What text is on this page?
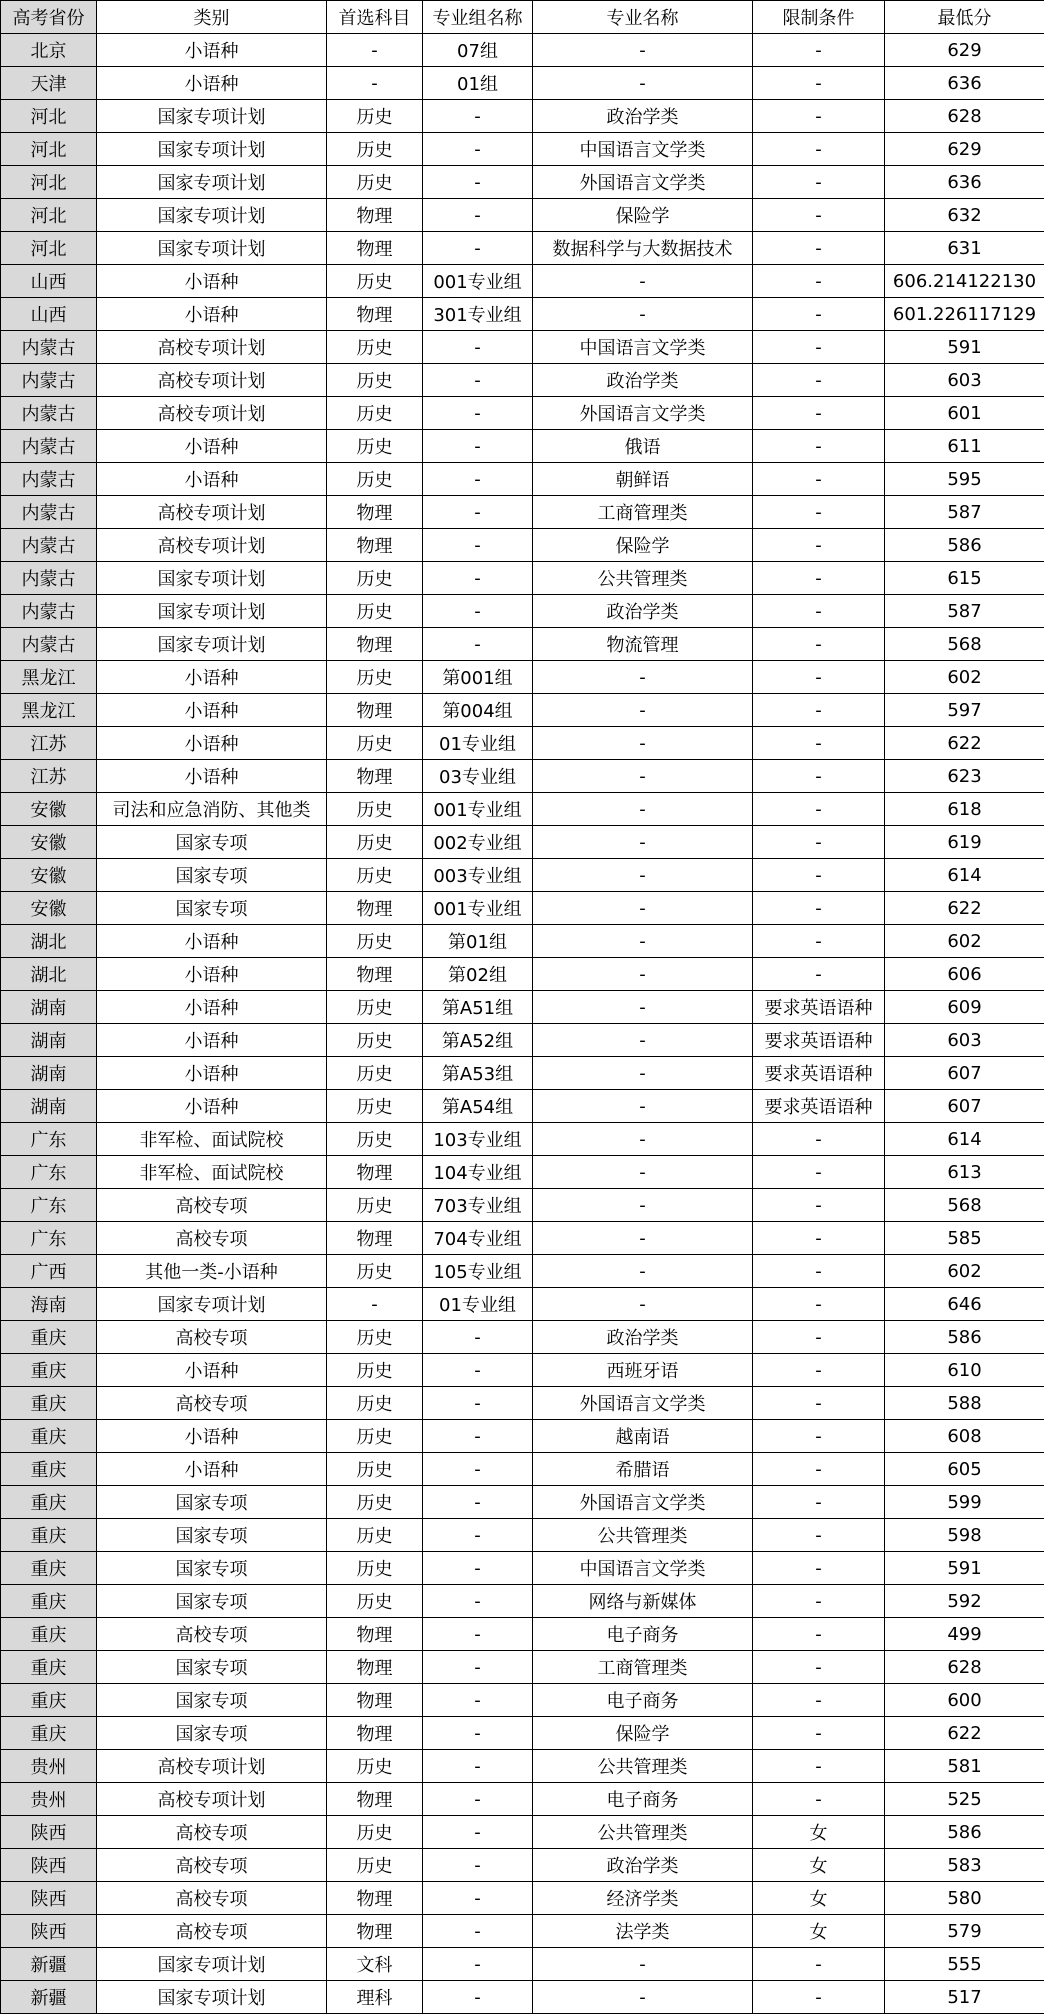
高考省份	类别	首选科目	专业组名称	专业名称	限制条件	最低分
北京	小语种	-	07组	-	-	629
天津	小语种	-	01组	-	-	636
河北	国家专项计划	历史	-	政治学类	-	628
河北	国家专项计划	历史	-	中国语言文学类	-	629
河北	国家专项计划	历史	-	外国语言文学类	-	636
河北	国家专项计划	物理	-	保险学	-	632
河北	国家专项计划	物理	-	数据科学与大数据技术	-	631
山西	小语种	历史	001专业组	-	-	606.214122130
山西	小语种	物理	301专业组	-	-	601.226117129
内蒙古	高校专项计划	历史	-	中国语言文学类	-	591
内蒙古	高校专项计划	历史	-	政治学类	-	603
内蒙古	高校专项计划	历史	-	外国语言文学类	-	601
内蒙古	小语种	历史	-	俄语	-	611
内蒙古	小语种	历史	-	朝鲜语	-	595
内蒙古	高校专项计划	物理	-	工商管理类	-	587
内蒙古	高校专项计划	物理	-	保险学	-	586
内蒙古	国家专项计划	历史	-	公共管理类	-	615
内蒙古	国家专项计划	历史	-	政治学类	-	587
内蒙古	国家专项计划	物理	-	物流管理	-	568
黑龙江	小语种	历史	第001组	-	-	602
黑龙江	小语种	物理	第004组	-	-	597
江苏	小语种	历史	01专业组	-	-	622
江苏	小语种	物理	03专业组	-	-	623
安徽	司法和应急消防、其他类	历史	001专业组	-	-	618
安徽	国家专项	历史	002专业组	-	-	619
安徽	国家专项	历史	003专业组	-	-	614
安徽	国家专项	物理	001专业组	-	-	622
湖北	小语种	历史	第01组	-	-	602
湖北	小语种	物理	第02组	-	-	606
湖南	小语种	历史	第A51组	-	要求英语语种	609
湖南	小语种	历史	第A52组	-	要求英语语种	603
湖南	小语种	历史	第A53组	-	要求英语语种	607
湖南	小语种	历史	第A54组	-	要求英语语种	607
广东	非军检、面试院校	历史	103专业组	-	-	614
广东	非军检、面试院校	物理	104专业组	-	-	613
广东	高校专项	历史	703专业组	-	-	568
广东	高校专项	物理	704专业组	-	-	585
广西	其他一类-小语种	历史	105专业组	-	-	602
海南	国家专项计划	-	01专业组	-	-	646
重庆	高校专项	历史	-	政治学类	-	586
重庆	小语种	历史	-	西班牙语	-	610
重庆	高校专项	历史	-	外国语言文学类	-	588
重庆	小语种	历史	-	越南语	-	608
重庆	小语种	历史	-	希腊语	-	605
重庆	国家专项	历史	-	外国语言文学类	-	599
重庆	国家专项	历史	-	公共管理类	-	598
重庆	国家专项	历史	-	中国语言文学类	-	591
重庆	国家专项	历史	-	网络与新媒体	-	592
重庆	高校专项	物理	-	电子商务	-	499
重庆	国家专项	物理	-	工商管理类	-	628
重庆	国家专项	物理	-	电子商务	-	600
重庆	国家专项	物理	-	保险学	-	622
贵州	高校专项计划	历史	-	公共管理类	-	581
贵州	高校专项计划	物理	-	电子商务	-	525
陕西	高校专项	历史	-	公共管理类	女	586
陕西	高校专项	历史	-	政治学类	女	583
陕西	高校专项	物理	-	经济学类	女	580
陕西	高校专项	物理	-	法学类	女	579
新疆	国家专项计划	文科	-	-	-	555
新疆	国家专项计划	理科	-	-	-	517
